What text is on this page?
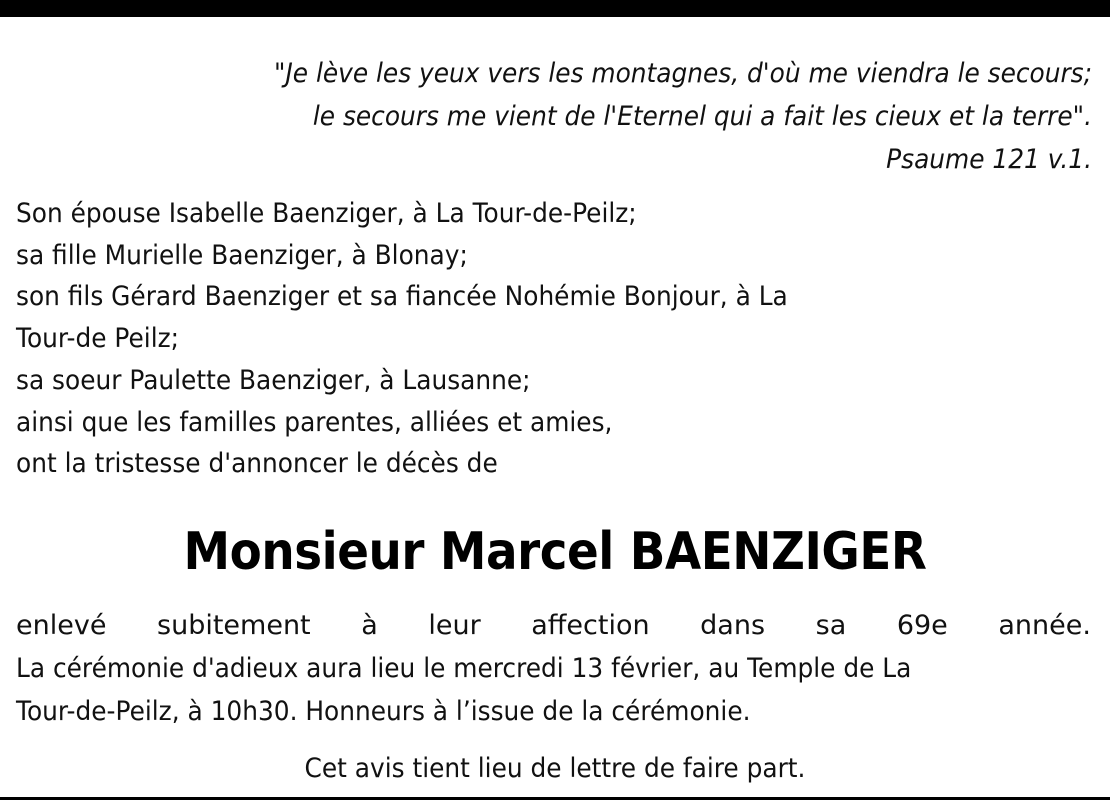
"Je lève les yeux vers les montagnes, d'où me viendra le secours;
le secours me vient de l'Eternel qui a fait les cieux et la terre".
Psaume 121 v.1.
Son épouse Isabelle Baenziger, à La Tour-de-Peilz;
sa fille Murielle Baenziger, à Blonay;
son fils Gérard Baenziger et sa fiancée Nohémie Bonjour, à La
Tour-de Peilz;
sa soeur Paulette Baenziger, à Lausanne;
ainsi que les familles parentes, alliées et amies,
ont la tristesse d'annoncer le décès de
Monsieur Marcel BAENZIGER
enlevé subitement à leur affection dans sa 69e année.
La cérémonie d'adieux aura lieu le mercredi 13 février, au Temple de La
Tour-de-Peilz, à 10h30. Honneurs à l’issue de la cérémonie.
Cet avis tient lieu de lettre de faire part.
